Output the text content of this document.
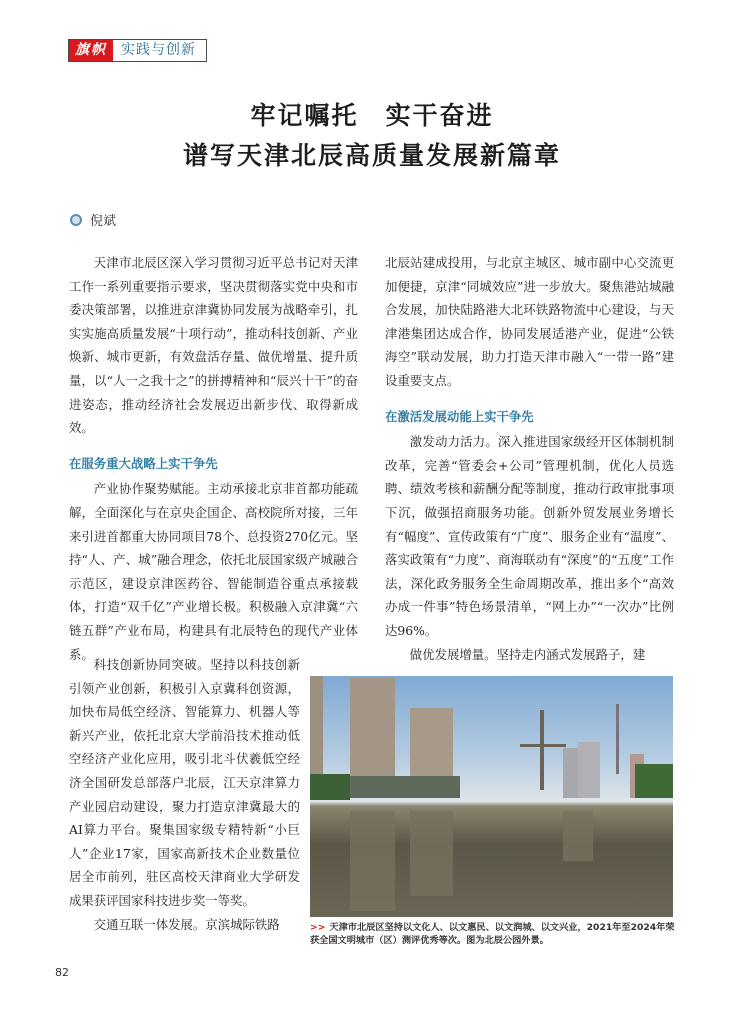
旗帜	实践与创新
牢记嘱托　实干奋进
谱写天津北辰高质量发展新篇章
倪斌

天津市北辰区深入学习贯彻习近平总书记对天津工作一系列重要指示要求，坚决贯彻落实党中央和市委决策部署，以推进京津冀协同发展为战略牵引，扎实实施高质量发展“十项行动”，推动科技创新、产业焕新、城市更新，有效盘活存量、做优增量、提升质量，以“人一之我十之”的拼搏精神和“辰兴十干”的奋进姿态，推动经济社会发展迈出新步伐、取得新成效。

在服务重大战略上实干争先

产业协作聚势赋能。主动承接北京非首都功能疏解，全面深化与在京央企国企、高校院所对接，三年来引进首都重大协同项目78个、总投资270亿元。坚持“人、产、城”融合理念，依托北辰国家级产城融合示范区，建设京津医药谷、智能制造谷重点承接载体，打造“双千亿”产业增长极。积极融入京津冀“六链五群”产业布局，构建具有北辰特色的现代产业体系。

科技创新协同突破。坚持以科技创新引领产业创新，积极引入京冀科创资源，加快布局低空经济、智能算力、机器人等新兴产业，依托北京大学前沿技术推动低空经济产业化应用，吸引北斗伏羲低空经济全国研发总部落户北辰，江天京津算力产业园启动建设，聚力打造京津冀最大的AI算力平台。聚集国家级专精特新“小巨人”企业17家，国家高新技术企业数量位居全市前列，驻区高校天津商业大学研发成果获评国家科技进步奖一等奖。

交通互联一体发展。京滨城际铁路

北辰站建成投用，与北京主城区、城市副中心交流更加便捷，京津“同城效应”进一步放大。聚焦港站城融合发展，加快陆路港大北环铁路物流中心建设，与天津港集团达成合作，协同发展适港产业，促进“公铁海空”联动发展，助力打造天津市融入“一带一路”建设重要支点。

在激活发展动能上实干争先

激发动力活力。深入推进国家级经开区体制机制改革，完善“管委会+公司”管理机制，优化人员选聘、绩效考核和薪酬分配等制度，推动行政审批事项下沉，做强招商服务功能。创新外贸发展业务增长有“幅度”、宣传政策有“广度”、服务企业有“温度”、落实政策有“力度”、商海联动有“深度”的“五度”工作法，深化政务服务全生命周期改革，推出多个“高效办成一件事”特色场景清单，“网上办”“一次办”比例达96%。

做优发展增量。坚持走内涵式发展路子，建

>> 天津市北辰区坚持以文化人、以文惠民、以文润城、以文兴业，2021年至2024年荣获全国文明城市（区）测评优秀等次。图为北辰公园外景。
82
